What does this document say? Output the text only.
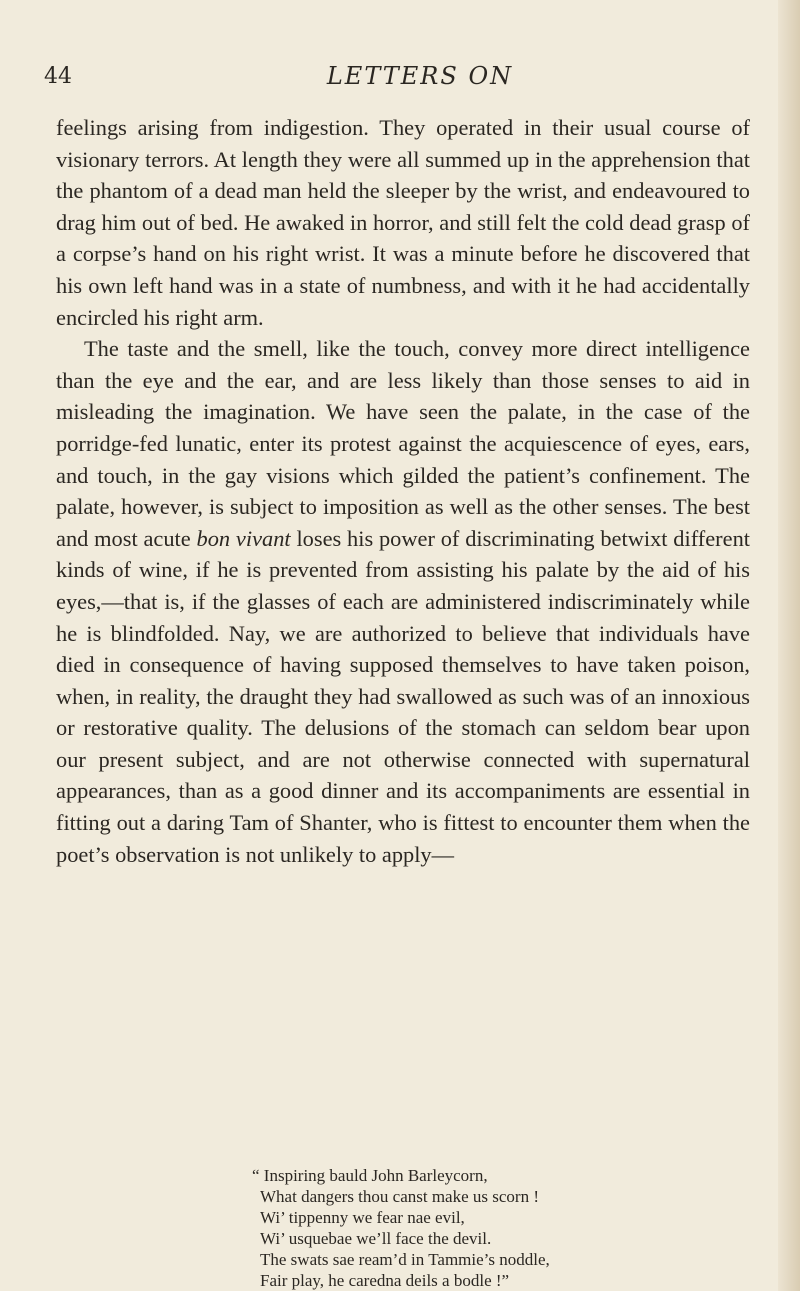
44	LETTERS ON

feelings arising from indigestion. They operated in their usual course of visionary terrors. At length they were all summed up in the apprehension that the phantom of a dead man held the sleeper by the wrist, and endeavoured to drag him out of bed. He awaked in horror, and still felt the cold dead grasp of a corpse’s hand on his right wrist. It was a minute before he discovered that his own left hand was in a state of numbness, and with it he had accidentally encircled his right arm.

The taste and the smell, like the touch, convey more direct intelligence than the eye and the ear, and are less likely than those senses to aid in misleading the imagination. We have seen the palate, in the case of the porridge-fed lunatic, enter its protest against the acquiescence of eyes, ears, and touch, in the gay visions which gilded the patient’s confinement. The palate, however, is subject to imposition as well as the other senses. The best and most acute bon vivant loses his power of discriminating betwixt different kinds of wine, if he is prevented from assisting his palate by the aid of his eyes,—that is, if the glasses of each are administered indiscriminately while he is blindfolded. Nay, we are authorized to believe that individuals have died in consequence of having supposed themselves to have taken poison, when, in reality, the draught they had swallowed as such was of an innoxious or restorative quality. The delusions of the stomach can seldom bear upon our present subject, and are not otherwise connected with supernatural appearances, than as a good dinner and its accompaniments are essential in fitting out a daring Tam of Shanter, who is fittest to encounter them when the poet’s observation is not unlikely to apply—

“ Inspiring bauld John Barleycorn,
What dangers thou canst make us scorn !
Wi’ tippenny we fear nae evil,
Wi’ usquebae we’ll face the devil.
The swats sae ream’d in Tammie’s noddle,
Fair play, he caredna deils a bodle !”
